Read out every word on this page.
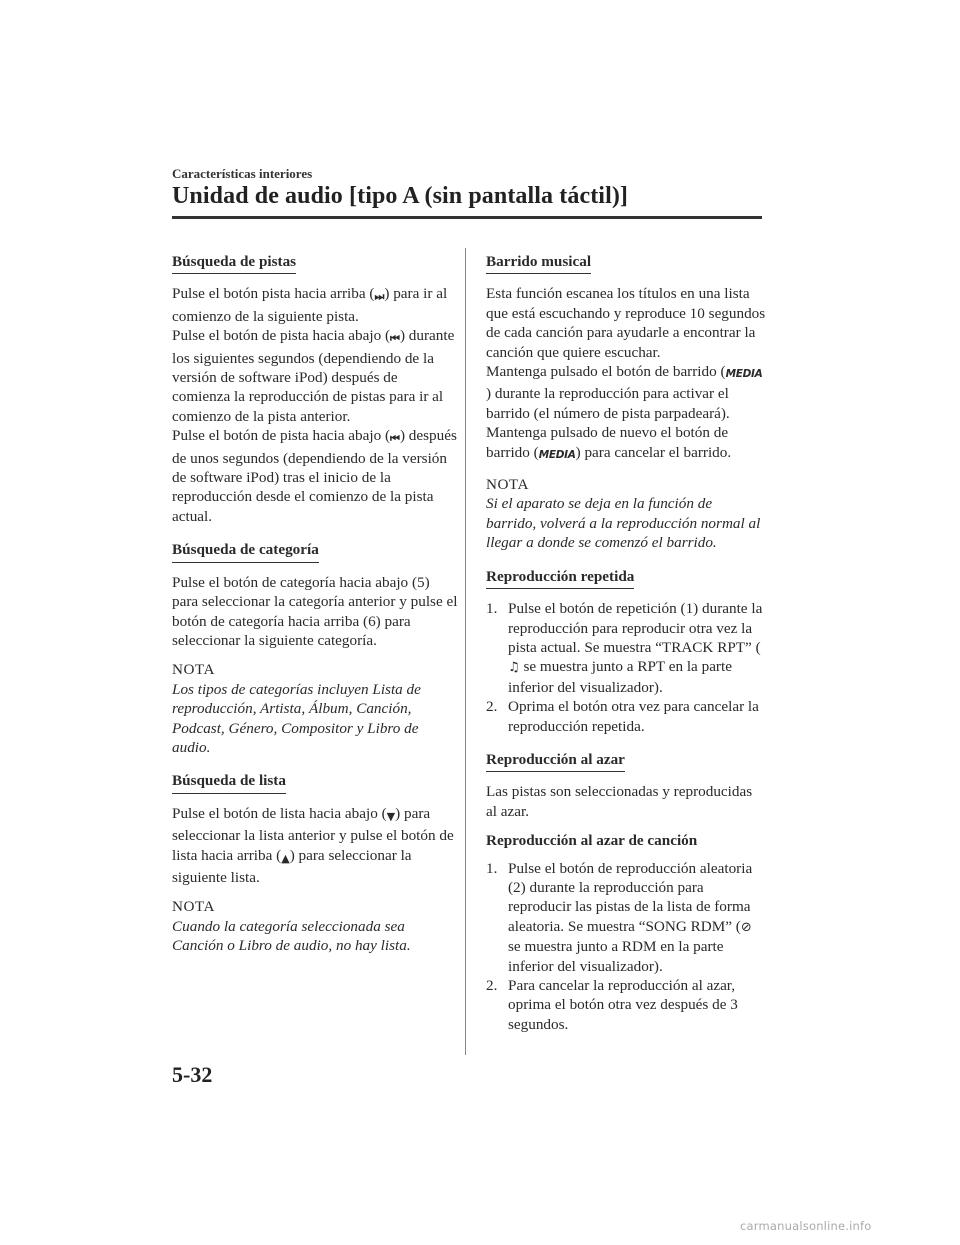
Características interiores
Unidad de audio [tipo A (sin pantalla táctil)]
Búsqueda de pistas

Pulse el botón pista hacia arriba (⏭) para ir al comienzo de la siguiente pista.
Pulse el botón de pista hacia abajo (⏮) durante los siguientes segundos (dependiendo de la versión de software iPod) después de comienza la reproducción de pistas para ir al comienzo de la pista anterior.
Pulse el botón de pista hacia abajo (⏮) después de unos segundos (dependiendo de la versión de software iPod) tras el inicio de la reproducción desde el comienzo de la pista actual.

Búsqueda de categoría

Pulse el botón de categoría hacia abajo (5) para seleccionar la categoría anterior y pulse el botón de categoría hacia arriba (6) para seleccionar la siguiente categoría.

NOTA
Los tipos de categorías incluyen Lista de reproducción, Artista, Álbum, Canción, Podcast, Género, Compositor y Libro de audio.
Búsqueda de lista

Pulse el botón de lista hacia abajo (▼) para seleccionar la lista anterior y pulse el botón de lista hacia arriba (▲) para seleccionar la siguiente lista.

NOTA
Cuando la categoría seleccionada sea Canción o Libro de audio, no hay lista.
Barrido musical

Esta función escanea los títulos en una lista que está escuchando y reproduce 10 segundos de cada canción para ayudarle a encontrar la canción que quiere escuchar.
Mantenga pulsado el botón de barrido (MEDIA) durante la reproducción para activar el barrido (el número de pista parpadeará). Mantenga pulsado de nuevo el botón de barrido (MEDIA) para cancelar el barrido.

NOTA
Si el aparato se deja en la función de barrido, volverá a la reproducción normal al llegar a donde se comenzó el barrido.
Reproducción repetida
1. Pulse el botón de repetición (1) durante la reproducción para reproducir otra vez la pista actual. Se muestra “TRACK RPT” (♫ se muestra junto a RPT en la parte inferior del visualizador).
2. Oprima el botón otra vez para cancelar la reproducción repetida.
Reproducción al azar

Las pistas son seleccionadas y reproducidas al azar.

Reproducción al azar de canción
1. Pulse el botón de reproducción aleatoria (2) durante la reproducción para reproducir las pistas de la lista de forma aleatoria. Se muestra “SONG RDM” (⊘ se muestra junto a RDM en la parte inferior del visualizador).
2. Para cancelar la reproducción al azar, oprima el botón otra vez después de 3 segundos.
5-32
carmanualsonline.info
